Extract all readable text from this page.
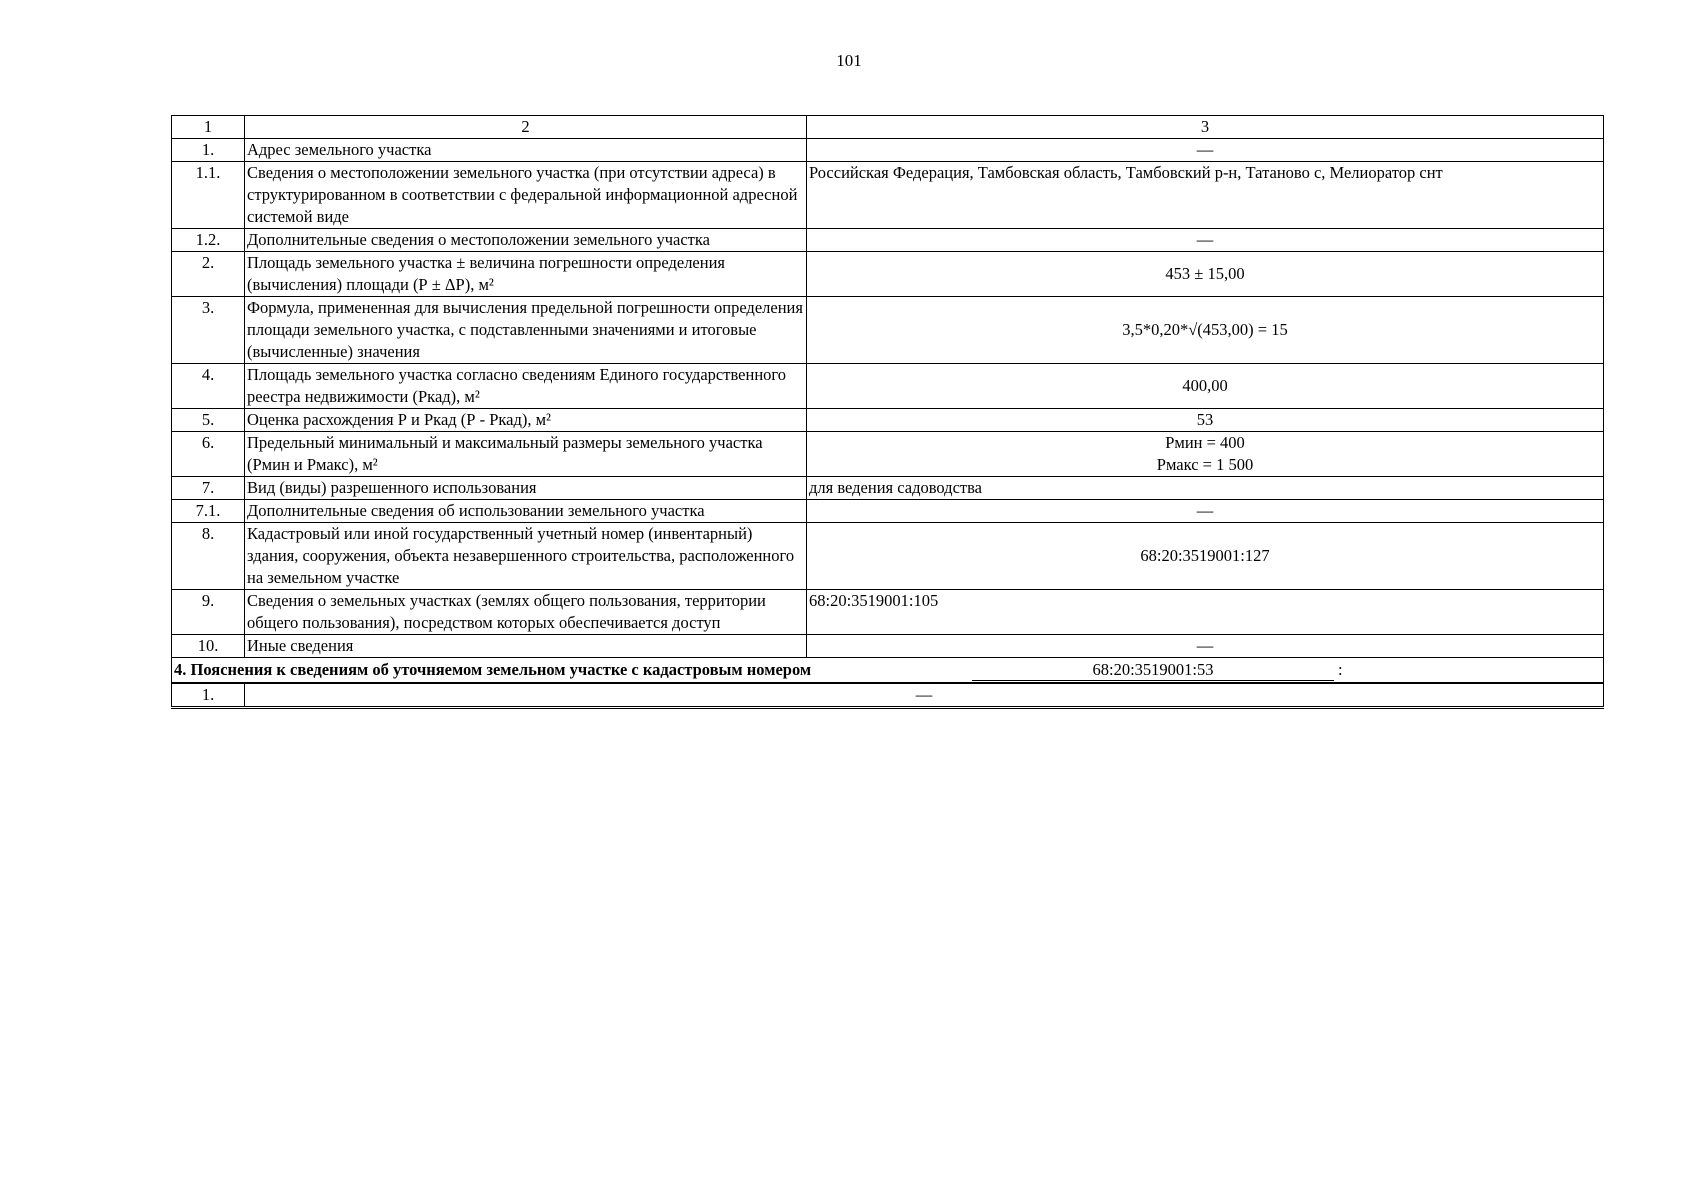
101
1	2	3
1.	Адрес земельного участка	—
1.1.	Сведения о местоположении земельного участка (при отсутствии адреса) в структурированном в соответствии с федеральной информационной адресной системой виде	Российская Федерация, Тамбовская область, Тамбовский р-н, Татаново с, Мелиоратор снт
1.2.	Дополнительные сведения о местоположении земельного участка	—
2.	Площадь земельного участка ± величина погрешности определения (вычисления) площади (Р ± ΔР), м²	453 ± 15,00
3.	Формула, примененная для вычисления предельной погрешности определения площади земельного участка, с подставленными значениями и итоговые (вычисленные) значения	3,5*0,20*√(453,00) = 15
4.	Площадь земельного участка согласно сведениям Единого государственного реестра недвижимости (Ркад), м²	400,00
5.	Оценка расхождения Р и Ркад (Р - Ркад), м²	53
6.	Предельный минимальный и максимальный размеры земельного участка (Рмин и Рмакс), м²	Рмин = 400
Рмакс = 1 500

7.	Вид (виды) разрешенного использования	для ведения садоводства
7.1.	Дополнительные сведения об использовании земельного участка	—
8.	Кадастровый или иной государственный учетный номер (инвентарный) здания, сооружения, объекта незавершенного строительства, расположенного на земельном участке	68:20:3519001:127
9.	Сведения о земельных участках (землях общего пользования, территории общего пользования), посредством которых обеспечивается доступ	68:20:3519001:105
10.	Иные сведения	—

4. Пояснения к сведениям об уточняемом земельном участке с кадастровым номером 68:20:3519001:53 :		

1.	—	
